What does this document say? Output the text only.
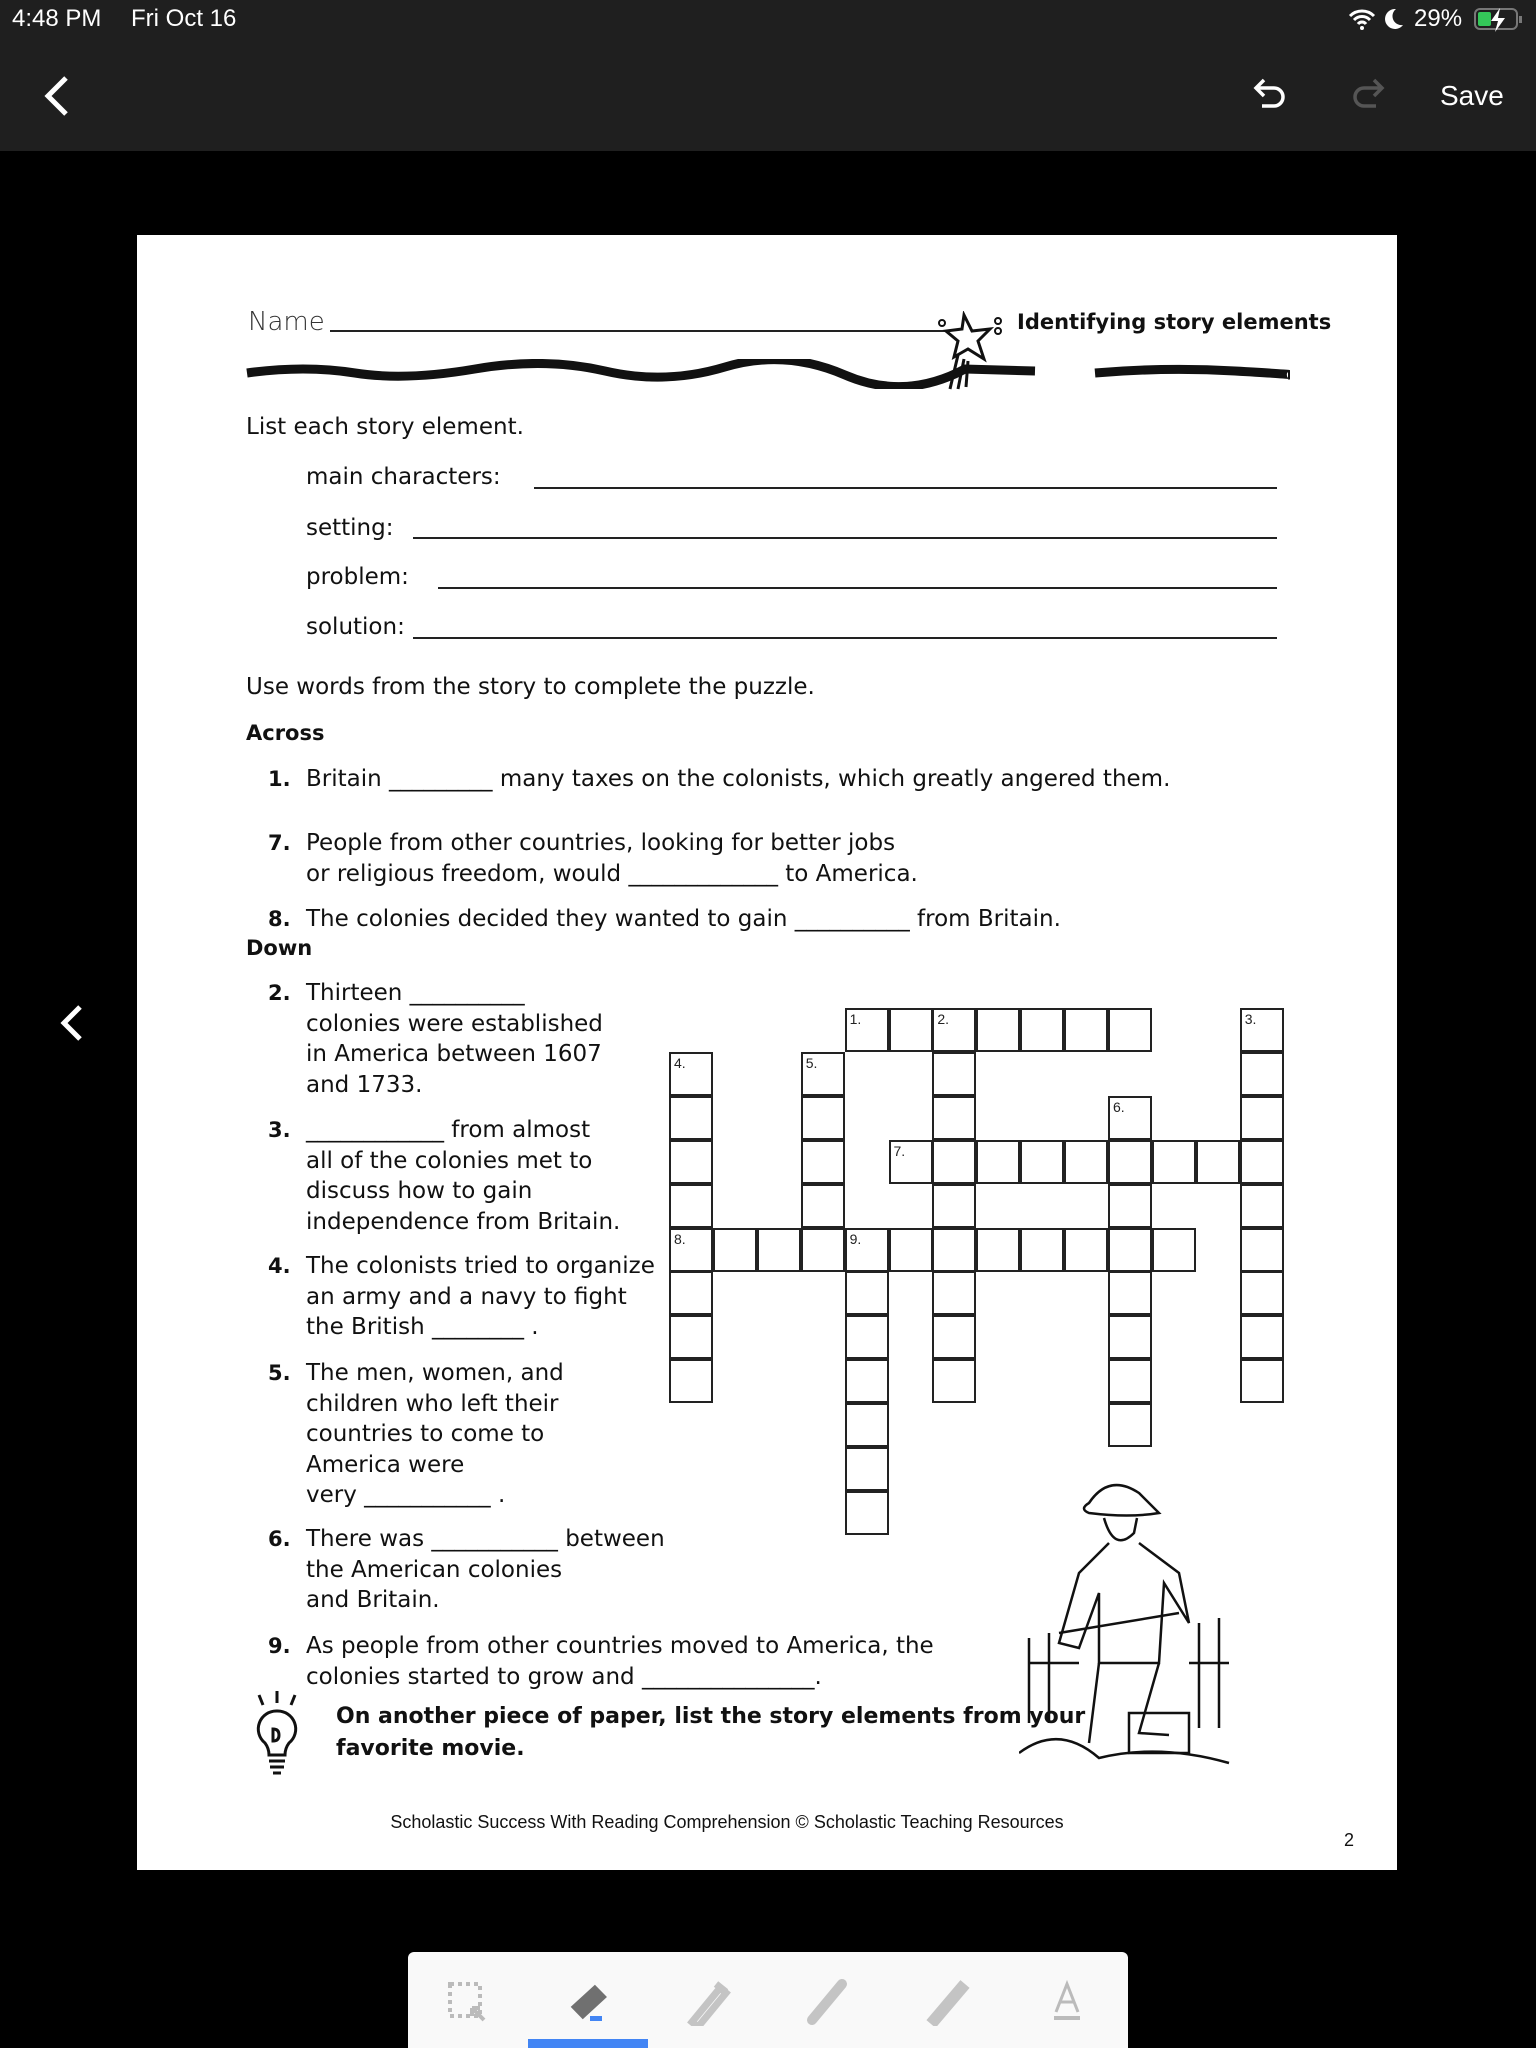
4:48 PM Fri Oct 16	29%
Save
Name	Identifying story elements
List each story element.
main characters:
setting:
problem:
solution:
Use words from the story to complete the puzzle.
Across
1. Britain _________ many taxes on the colonists, which greatly angered them.
7. People from other countries, looking for better jobs
or religious freedom, would _____________ to America.
8. The colonies decided they wanted to gain __________ from Britain.
2. Thirteen __________
colonies were established
in America between 1607
and 1733.
3. ____________ from almost
all of the colonies met to
discuss how to gain
independence from Britain.
4. The colonists tried to organize
an army and a navy to fight
the British ________ .
5. The men, women, and
children who left their
countries to come to
America were
very ___________ .
6. There was ___________ between
the American colonies
and Britain.
9. As people from other countries moved to America, the
colonies started to grow and _______________.
Down
1.	2.	3.
4.	5.
6.
7.
8.	9.
On another piece of paper, list the story elements from your
favorite movie.
Scholastic Success With Reading Comprehension © Scholastic Teaching Resources
2
